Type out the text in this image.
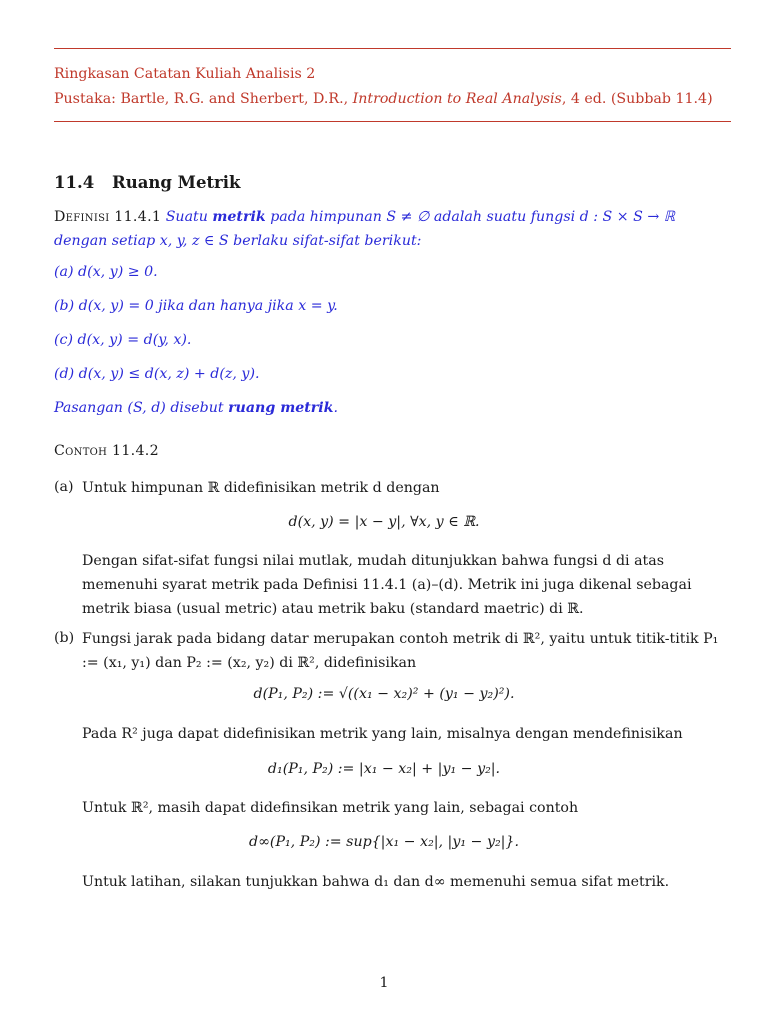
Ringkasan Catatan Kuliah Analisis 2
Pustaka: Bartle, R.G. and Sherbert, D.R., Introduction to Real Analysis, 4 ed. (Subbab 11.4)
11.4 Ruang Metrik
Definisi 11.4.1 Suatu metrik pada himpunan S ≠ ∅ adalah suatu fungsi d : S × S → ℝ dengan setiap x, y, z ∈ S berlaku sifat-sifat berikut:
(a) d(x, y) ≥ 0.
(b) d(x, y) = 0 jika dan hanya jika x = y.
(c) d(x, y) = d(y, x).
(d) d(x, y) ≤ d(x, z) + d(z, y).
Pasangan (S, d) disebut ruang metrik.
Contoh 11.4.2
(a) Untuk himpunan ℝ didefinisikan metrik d dengan
d(x, y) = |x − y|, ∀x, y ∈ ℝ.
Dengan sifat-sifat fungsi nilai mutlak, mudah ditunjukkan bahwa fungsi d di atas memenuhi syarat metrik pada Definisi 11.4.1 (a)–(d). Metrik ini juga dikenal sebagai metrik biasa (usual metric) atau metrik baku (standard maetric) di ℝ.
(b) Fungsi jarak pada bidang datar merupakan contoh metrik di ℝ², yaitu untuk titik-titik P₁ := (x₁, y₁) dan P₂ := (x₂, y₂) di ℝ², didefinisikan
d(P₁, P₂) := √((x₁ − x₂)² + (y₁ − y₂)²).
Pada R² juga dapat didefinisikan metrik yang lain, misalnya dengan mendefinisikan
d₁(P₁, P₂) := |x₁ − x₂| + |y₁ − y₂|.
Untuk ℝ², masih dapat didefinsikan metrik yang lain, sebagai contoh
d∞(P₁, P₂) := sup{|x₁ − x₂|, |y₁ − y₂|}.
Untuk latihan, silakan tunjukkan bahwa d₁ dan d∞ memenuhi semua sifat metrik.
1
